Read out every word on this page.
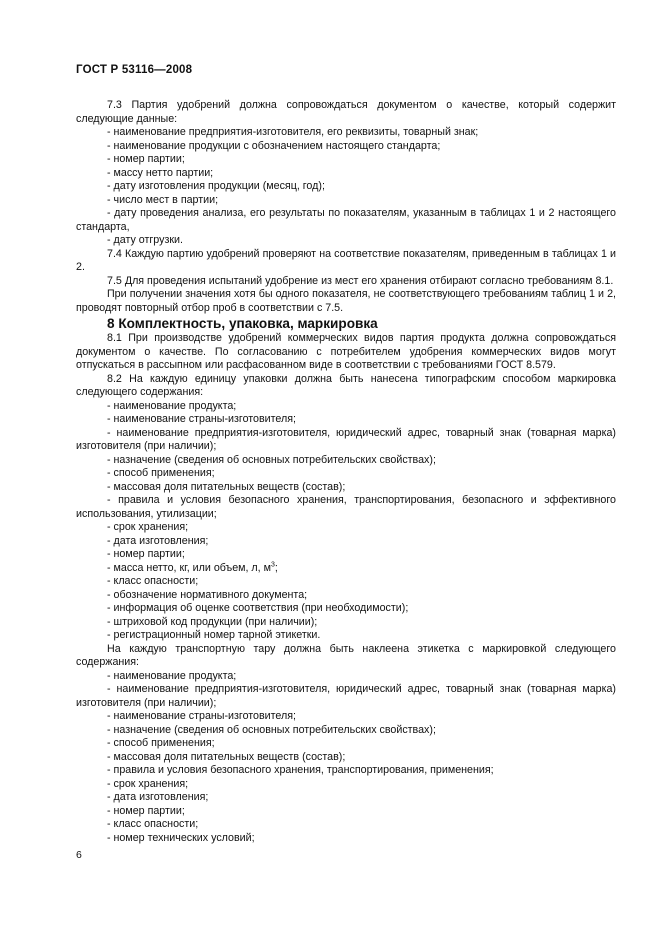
ГОСТ Р 53116—2008

7.3 Партия удобрений должна сопровождаться документом о качестве, который содержит следующие данные:

- наименование предприятия-изготовителя, его реквизиты, товарный знак;

- наименование продукции с обозначением настоящего стандарта;

- номер партии;

- массу нетто партии;

- дату изготовления продукции (месяц, год);

- число мест в партии;

- дату проведения анализа, его результаты по показателям, указанным в таблицах 1 и 2 настоящего стандарта,

- дату отгрузки.

7.4 Каждую партию удобрений проверяют на соответствие показателям, приведенным в таблицах 1 и 2.

7.5 Для проведения испытаний удобрение из мест его хранения отбирают согласно требованиям 8.1.

При получении значения хотя бы одного показателя, не соответствующего требованиям таблиц 1 и 2, проводят повторный отбор проб в соответствии с 7.5.

8 Комплектность, упаковка, маркировка

8.1 При производстве удобрений коммерческих видов партия продукта должна сопровождаться документом о качестве. По согласованию с потребителем удобрения коммерческих видов могут отпускаться в рассыпном или расфасованном виде в соответствии с требованиями ГОСТ 8.579.

8.2 На каждую единицу упаковки должна быть нанесена типографским способом маркировка следующего содержания:

- наименование продукта;

- наименование страны-изготовителя;

- наименование предприятия-изготовителя, юридический адрес, товарный знак (товарная марка) изготовителя (при наличии);

- назначение (сведения об основных потребительских свойствах);

- способ применения;

- массовая доля питательных веществ (состав);

- правила и условия безопасного хранения, транспортирования, безопасного и эффективного использования, утилизации;

- срок хранения;

- дата изготовления;

- номер партии;

- масса нетто, кг, или объем, л, $м^3$;

- класс опасности;

- обозначение нормативного документа;

- информация об оценке соответствия (при необходимости);

- штриховой код продукции (при наличии);

- регистрационный номер тарной этикетки.

На каждую транспортную тару должна быть наклеена этикетка с маркировкой следующего содержания:

- наименование продукта;

- наименование предприятия-изготовителя, юридический адрес, товарный знак (товарная марка) изготовителя (при наличии);

- наименование страны-изготовителя;

- назначение (сведения об основных потребительских свойствах);

- способ применения;

- массовая доля питательных веществ (состав);

- правила и условия безопасного хранения, транспортирования, применения;

- срок хранения;

- дата изготовления;

- номер партии;

- класс опасности;

- номер технических условий;

6
